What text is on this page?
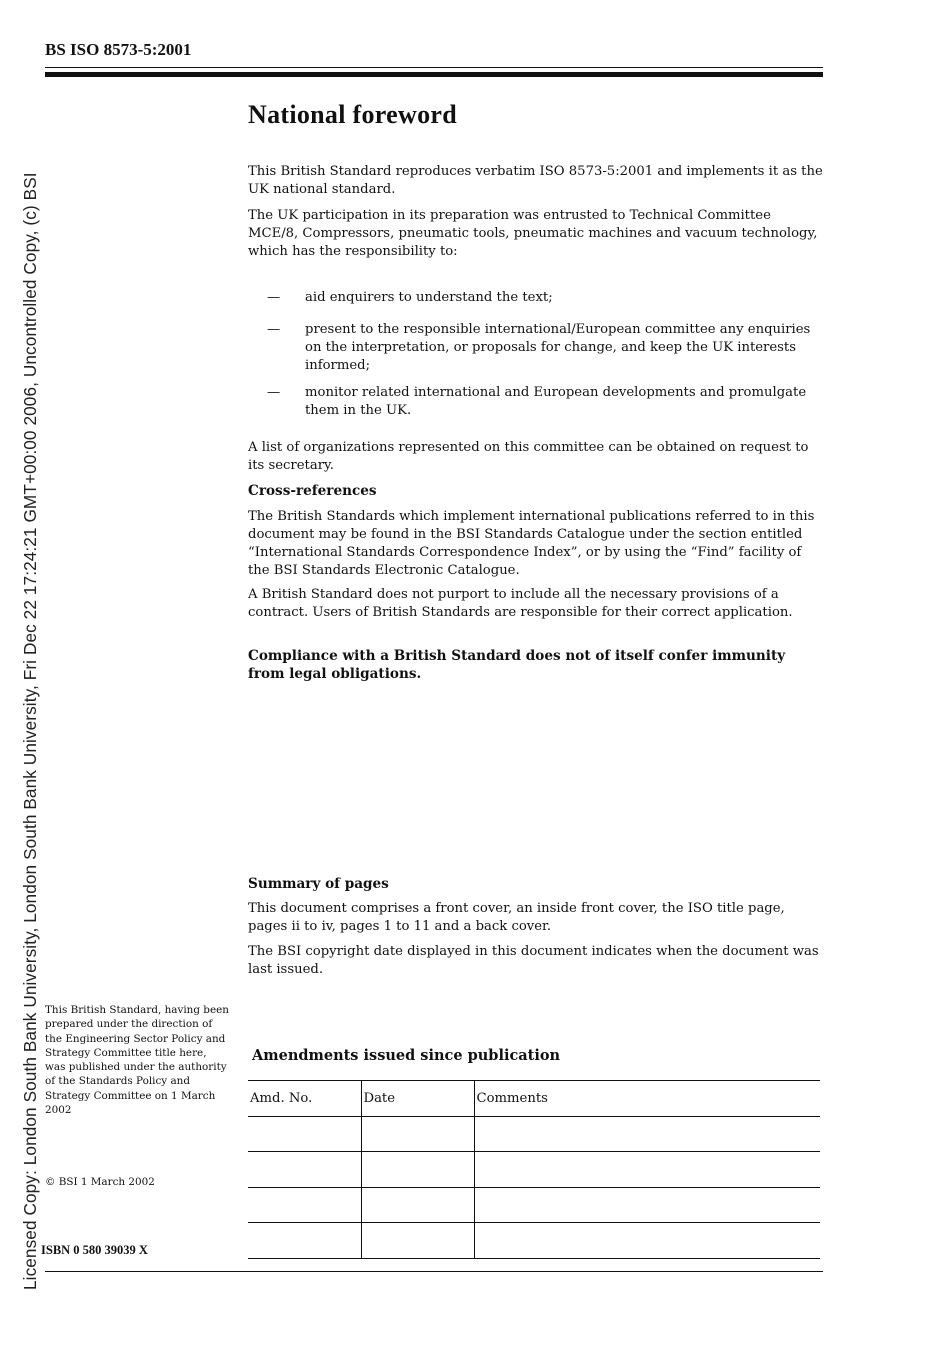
Licensed Copy: London South Bank University, London South Bank University, Fri Dec 22 17:24:21 GMT+00:00 2006, Uncontrolled Copy, (c) BSI
BS ISO 8573-5:2001
National foreword

This British Standard reproduces verbatim ISO 8573-5:2001 and implements it as the UK national standard.

The UK participation in its preparation was entrusted to Technical Committee MCE/8, Compressors, pneumatic tools, pneumatic machines and vacuum technology, which has the responsibility to:

— aid enquirers to understand the text;

— present to the responsible international/European committee any enquiries on the interpretation, or proposals for change, and keep the UK interests informed;

— monitor related international and European developments and promulgate them in the UK.

A list of organizations represented on this committee can be obtained on request to its secretary.

Cross-references

The British Standards which implement international publications referred to in this document may be found in the BSI Standards Catalogue under the section entitled “International Standards Correspondence Index”, or by using the “Find” facility of the BSI Standards Electronic Catalogue.

A British Standard does not purport to include all the necessary provisions of a contract. Users of British Standards are responsible for their correct application.

Compliance with a British Standard does not of itself confer immunity from legal obligations.

Summary of pages

This document comprises a front cover, an inside front cover, the ISO title page, pages ii to iv, pages 1 to 11 and a back cover.

The BSI copyright date displayed in this document indicates when the document was last issued.

This British Standard, having been prepared under the direction of the Engineering Sector Policy and Strategy Committee title here, was published under the authority of the Standards Policy and Strategy Committee on 1 March 2002

© BSI 1 March 2002

ISBN 0 580 39039 X

Amendments issued since publication
Amd. No.	Date	Comments
